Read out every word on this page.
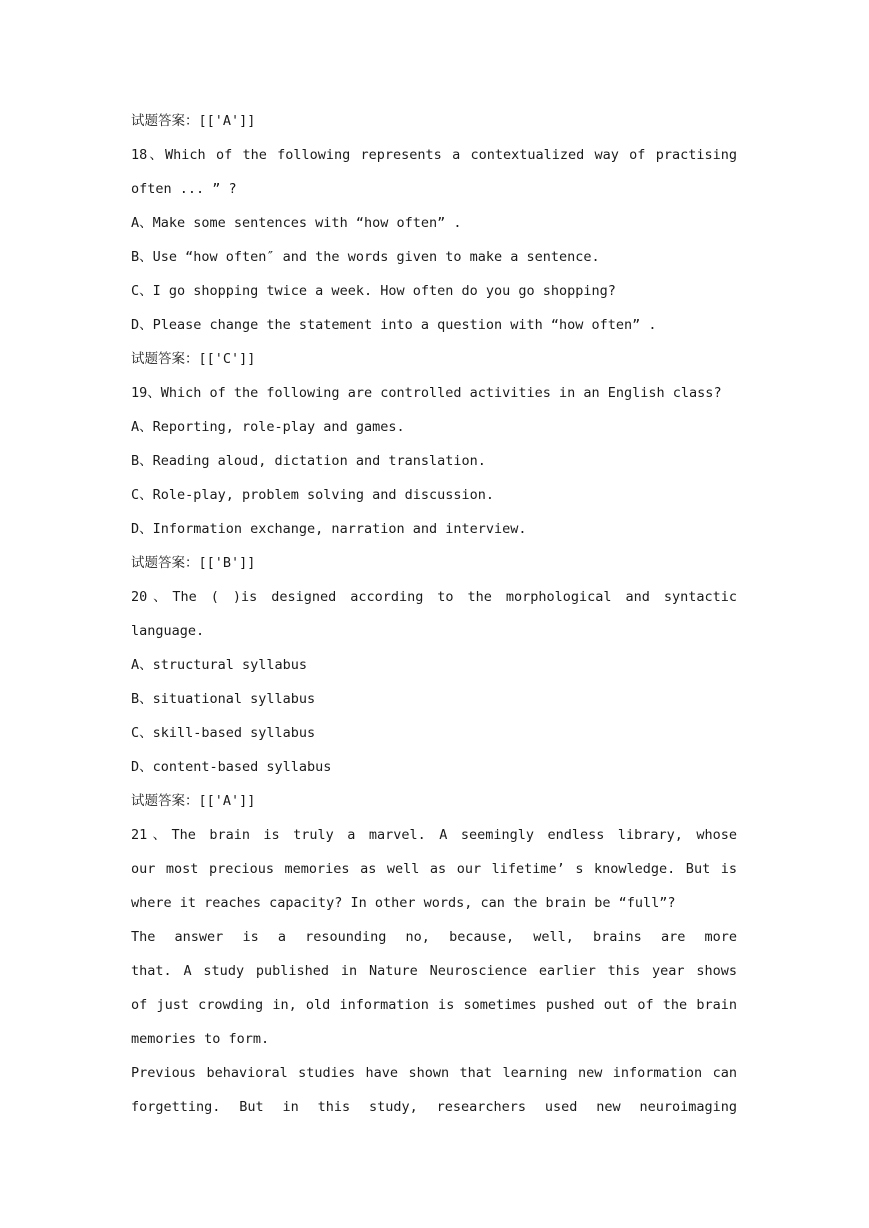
试题答案：[['A']]
18、Which of the following represents a contextualized way of practising
often ... ” ?
A、Make some sentences with “how often” .
B、Use “how often″ and the words given to make a sentence.
C、I go shopping twice a week. How often do you go shopping?
D、Please change the statement into a question with “how often” .
试题答案：[['C']]
19、Which of the following are controlled activities in an English class?
A、Reporting, role-play and games.
B、Reading aloud, dictation and translation.
C、Role-play, problem solving and discussion.
D、Information exchange, narration and interview.
试题答案：[['B']]
20、The ( )is designed according to the morphological and syntactic
language.
A、structural syllabus
B、situational syllabus
C、skill-based syllabus
D、content-based syllabus
试题答案：[['A']]
21、The brain is truly a marvel. A seemingly endless library, whose
our most precious memories as well as our lifetime’ s knowledge. But is
where it reaches capacity? In other words, can the brain be “full”?
The answer is a resounding no, because, well, brains are more
that. A study published in Nature Neuroscience earlier this year shows
of just crowding in, old information is sometimes pushed out of the brain
memories to form.
Previous behavioral studies have shown that learning new information can
forgetting. But in this study, researchers used new neuroimaging
